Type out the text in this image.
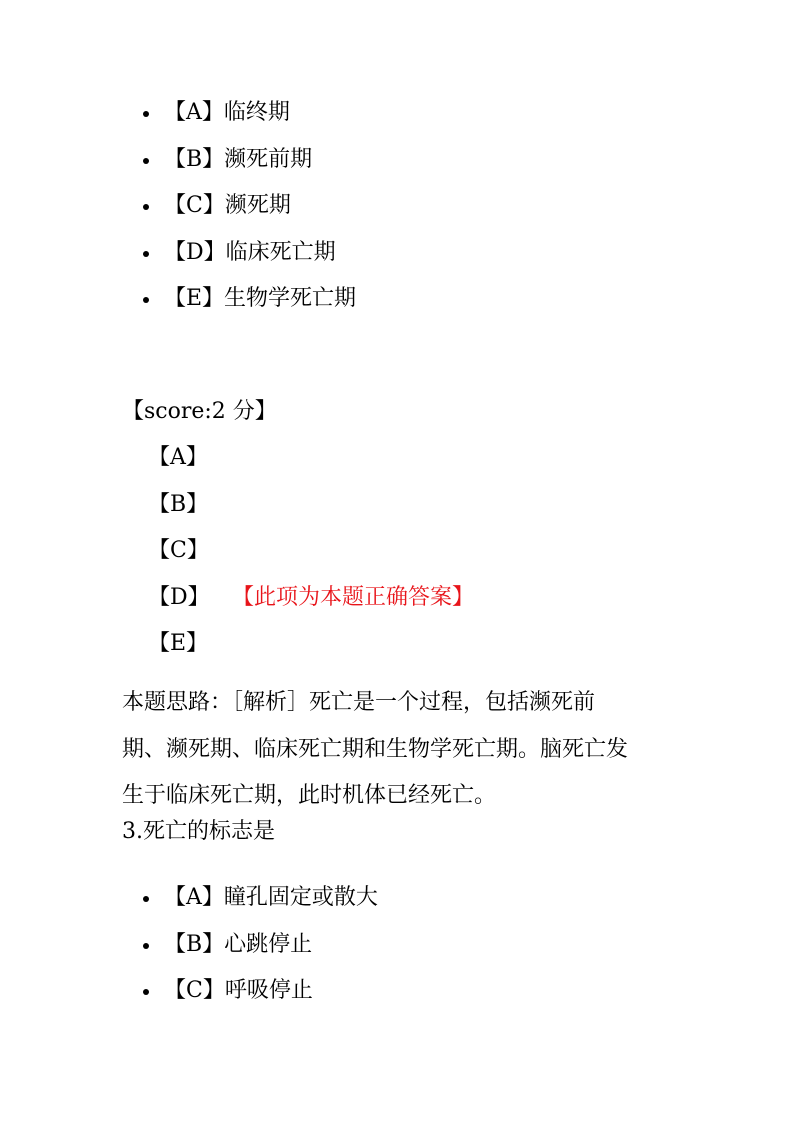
【A】临终期
【B】濒死前期
【C】濒死期
【D】临床死亡期
【E】生物学死亡期
【score:2 分】
【A】
【B】
【C】
【D】 【此项为本题正确答案】
【E】

本题思路：［解析］死亡是一个过程，包括濒死前
期、濒死期、临床死亡期和生物学死亡期。脑死亡发
生于临床死亡期，此时机体已经死亡。

3.死亡的标志是

【A】瞳孔固定或散大
【B】心跳停止
【C】呼吸停止
